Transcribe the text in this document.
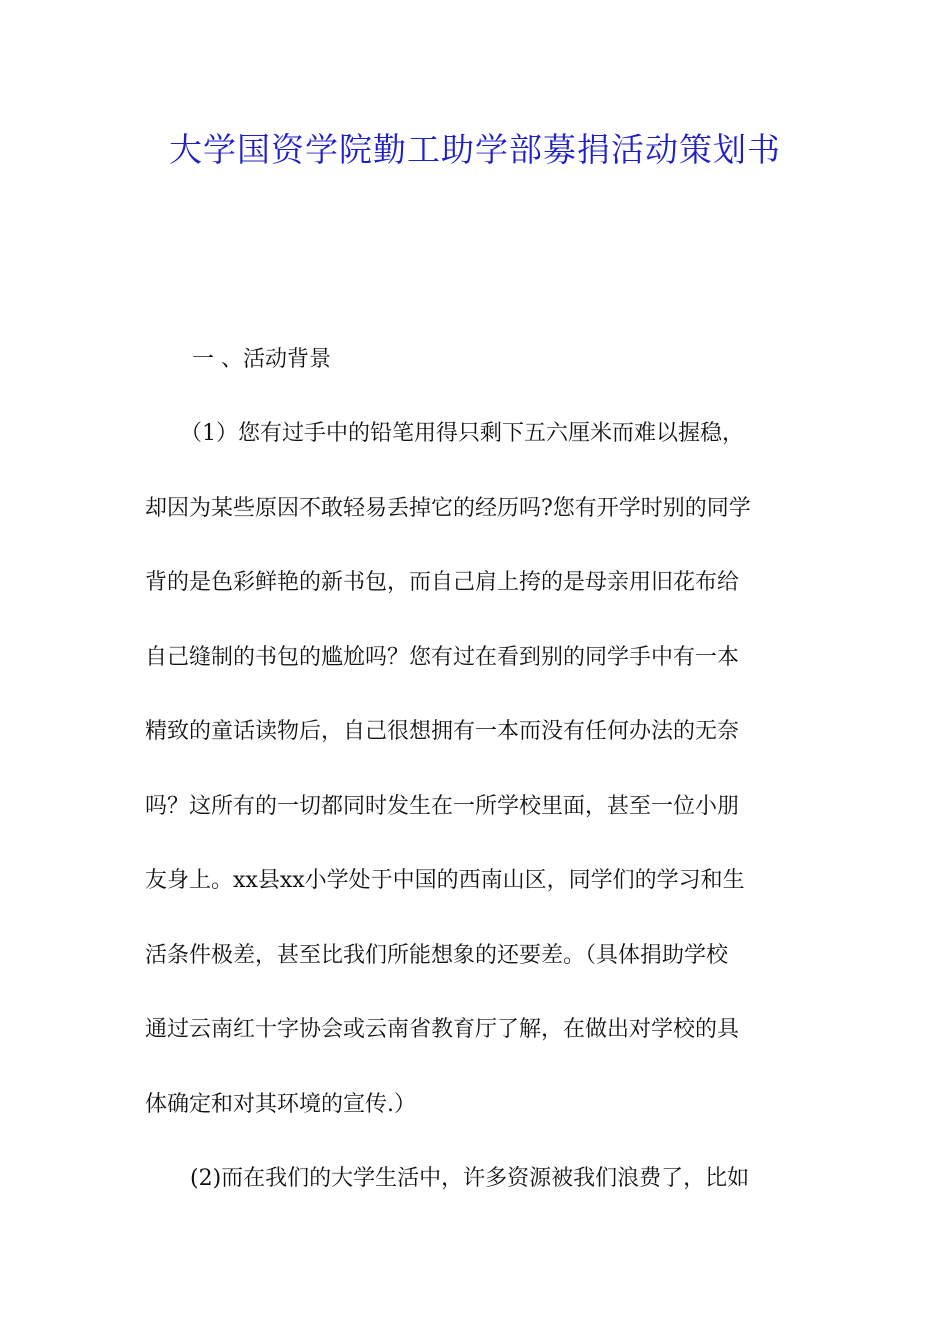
大学国资学院勤工助学部募捐活动策划书
一 、活动背景
（1）您有过手中的铅笔用得只剩下五六厘米而难以握稳，
却因为某些原因不敢轻易丢掉它的经历吗?您有开学时别的同学
背的是色彩鲜艳的新书包，而自己肩上挎的是母亲用旧花布给
自己缝制的书包的尴尬吗？您有过在看到别的同学手中有一本
精致的童话读物后，自己很想拥有一本而没有任何办法的无奈
吗？这所有的一切都同时发生在一所学校里面，甚至一位小朋
友身上。xx县xx小学处于中国的西南山区，同学们的学习和生
活条件极差，甚至比我们所能想象的还要差。（具体捐助学校
通过云南红十字协会或云南省教育厅了解，在做出对学校的具
体确定和对其环境的宣传.）
(2)而在我们的大学生活中，许多资源被我们浪费了，比如
